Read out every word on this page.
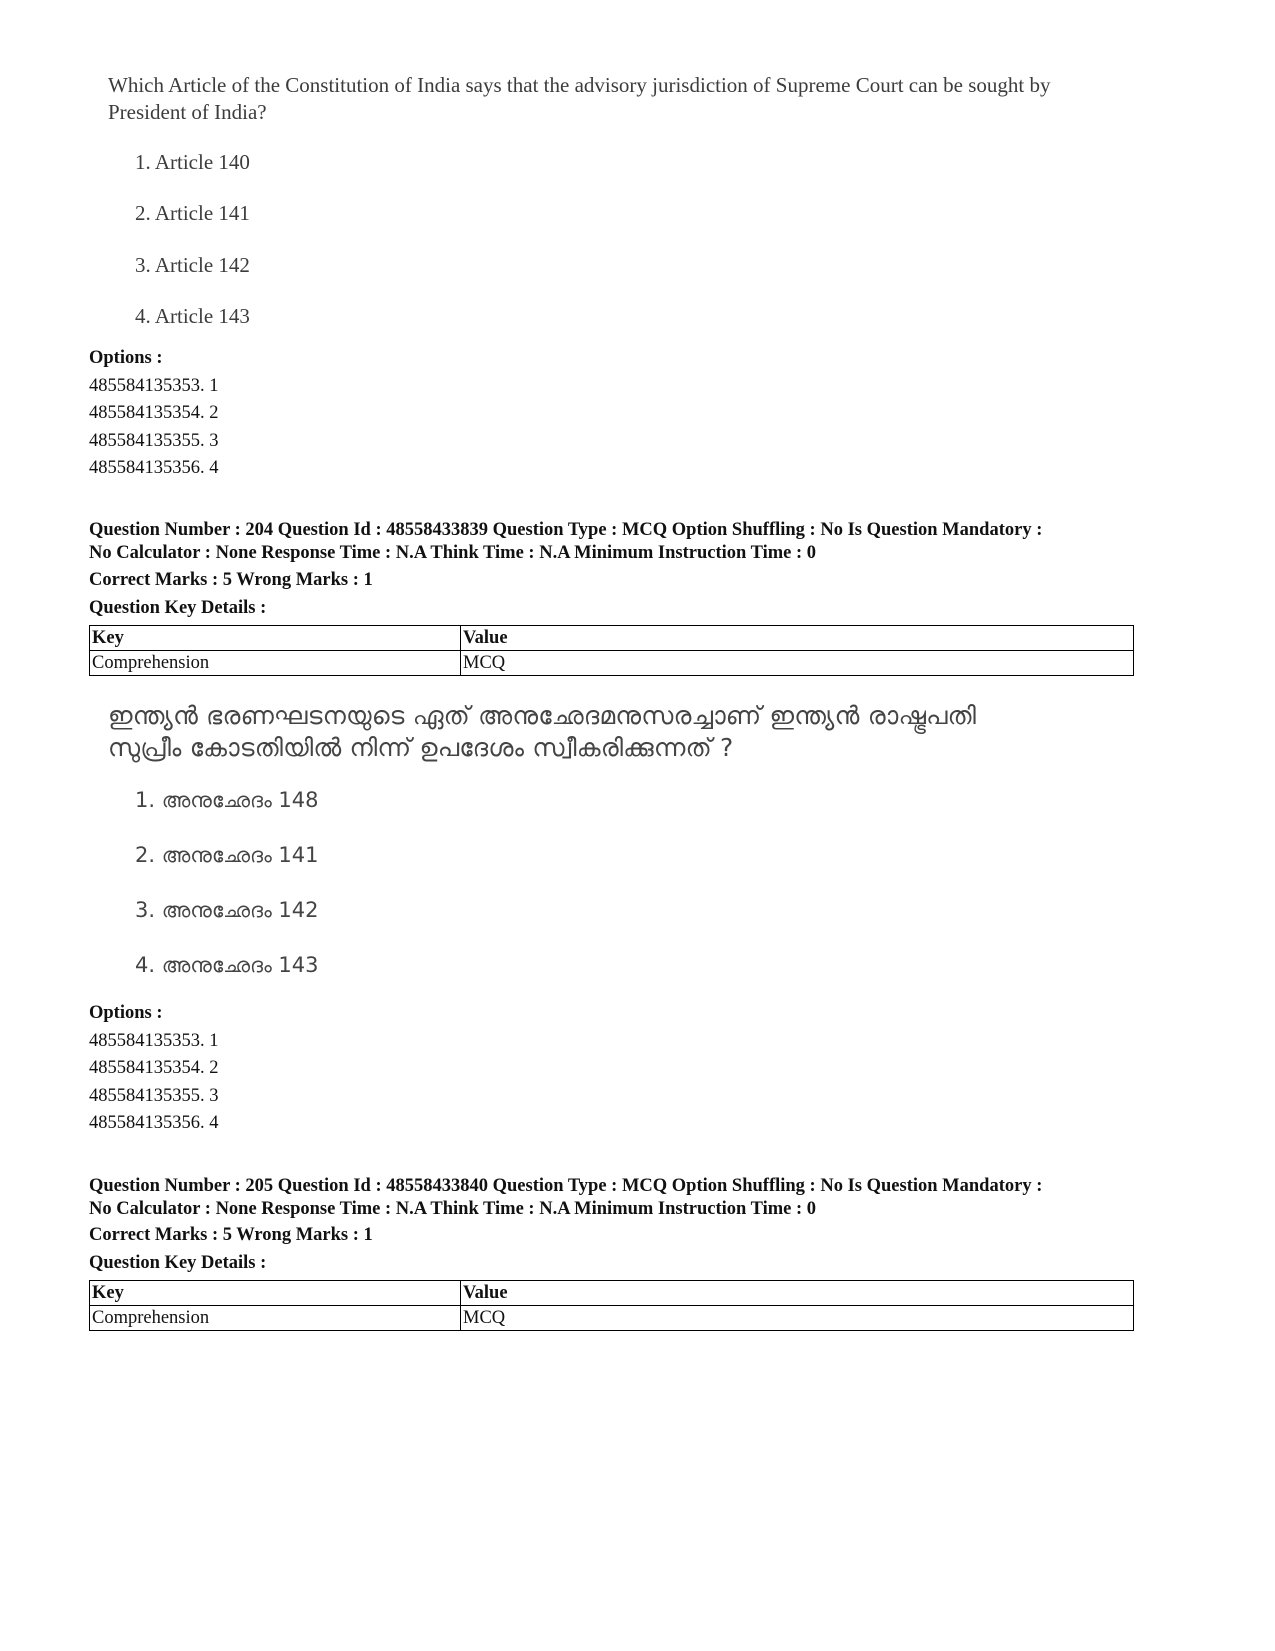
Which Article of the Constitution of India says that the advisory jurisdiction of Supreme Court can be sought by President of India?
1. Article 140
2. Article 141
3. Article 142
4. Article 143
Options :
485584135353. 1
485584135354. 2
485584135355. 3
485584135356. 4
Question Number : 204 Question Id : 48558433839 Question Type : MCQ Option Shuffling : No Is Question Mandatory :
No Calculator : None Response Time : N.A Think Time : N.A Minimum Instruction Time : 0
Correct Marks : 5 Wrong Marks : 1
Question Key Details :
Key	Value
Comprehension	MCQ
ഇന്ത്യൻ ഭരണഘടനയുടെ ഏത് അനുഛേദമനുസരച്ചാണ് ഇന്ത്യൻ രാഷ്ട്രപതി
സുപ്രീം കോടതിയിൽ നിന്ന് ഉപദേശം സ്വീകരിക്കുന്നത് ?
1. അനുഛേദം 148
2. അനുഛേദം 141
3. അനുഛേദം 142
4. അനുഛേദം 143
Options :
485584135353. 1
485584135354. 2
485584135355. 3
485584135356. 4
Question Number : 205 Question Id : 48558433840 Question Type : MCQ Option Shuffling : No Is Question Mandatory :
No Calculator : None Response Time : N.A Think Time : N.A Minimum Instruction Time : 0
Correct Marks : 5 Wrong Marks : 1
Question Key Details :
Key	Value
Comprehension	MCQ
